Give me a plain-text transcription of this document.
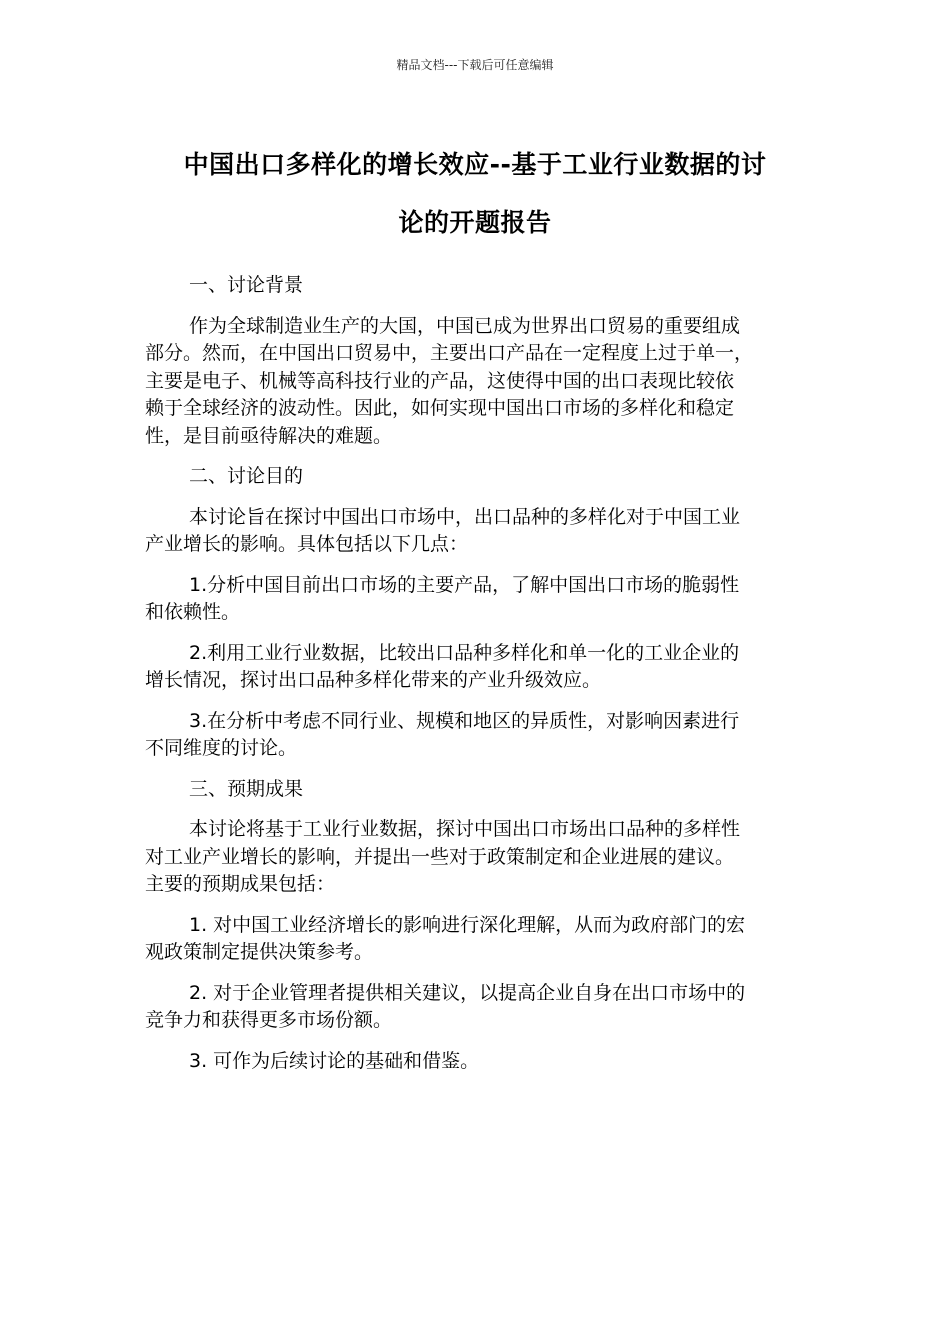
精品文档---下载后可任意编辑
中国出口多样化的增长效应--基于工业行业数据的讨
论的开题报告
一、讨论背景
作为全球制造业生产的大国，中国已成为世界出口贸易的重要组成
部分。然而，在中国出口贸易中，主要出口产品在一定程度上过于单一，
主要是电子、机械等高科技行业的产品，这使得中国的出口表现比较依
赖于全球经济的波动性。因此，如何实现中国出口市场的多样化和稳定
性，是目前亟待解决的难题。
二、讨论目的
本讨论旨在探讨中国出口市场中，出口品种的多样化对于中国工业
产业增长的影响。具体包括以下几点：
1.分析中国目前出口市场的主要产品，了解中国出口市场的脆弱性
和依赖性。
2.利用工业行业数据，比较出口品种多样化和单一化的工业企业的
增长情况，探讨出口品种多样化带来的产业升级效应。
3.在分析中考虑不同行业、规模和地区的异质性，对影响因素进行
不同维度的讨论。
三、预期成果
本讨论将基于工业行业数据，探讨中国出口市场出口品种的多样性
对工业产业增长的影响，并提出一些对于政策制定和企业进展的建议。
主要的预期成果包括：
1. 对中国工业经济增长的影响进行深化理解，从而为政府部门的宏
观政策制定提供决策参考。
2. 对于企业管理者提供相关建议，以提高企业自身在出口市场中的
竞争力和获得更多市场份额。
3. 可作为后续讨论的基础和借鉴。
